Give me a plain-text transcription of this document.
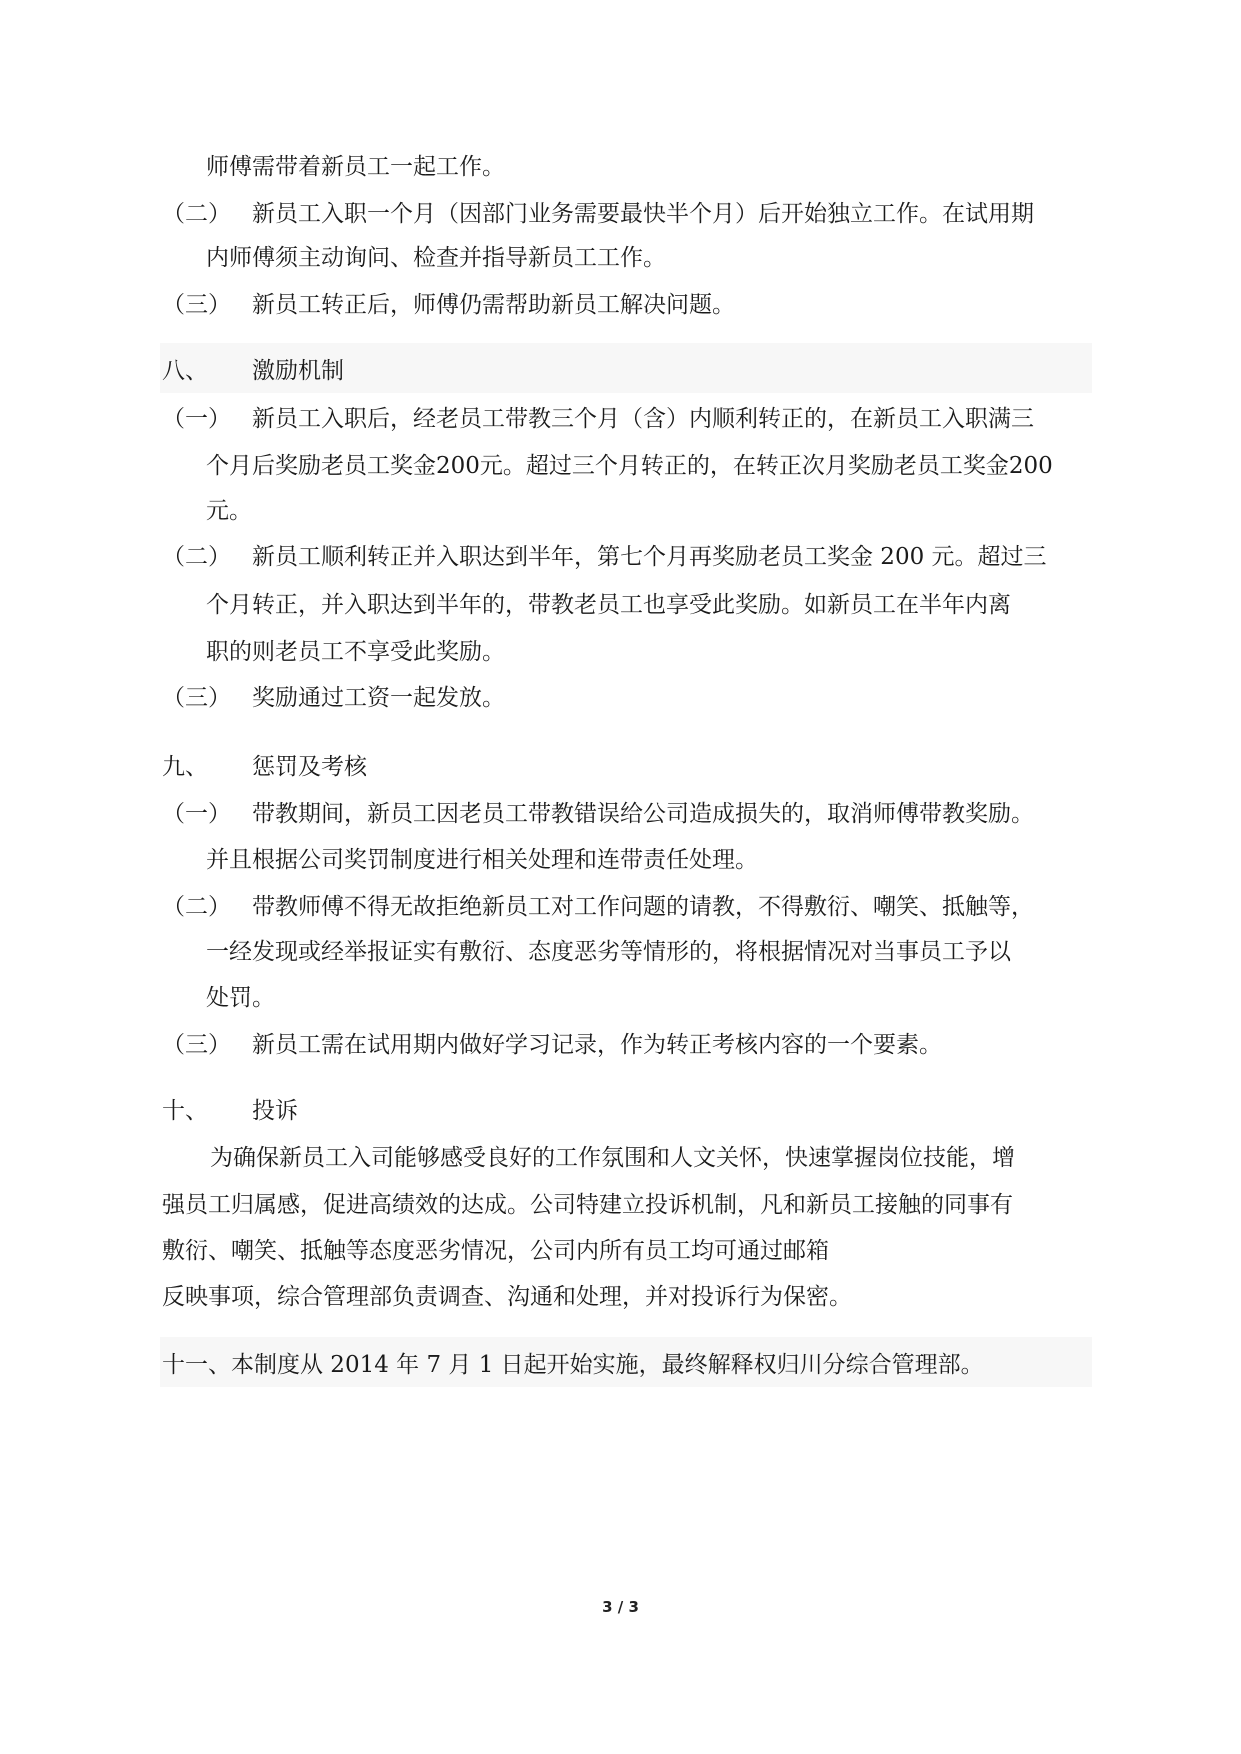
师傅需带着新员工一起工作。
（二） 新员工入职一个月（因部门业务需要最快半个月）后开始独立工作。在试用期
内师傅须主动询问、检查并指导新员工工作。
（三） 新员工转正后，师傅仍需帮助新员工解决问题。
八、 激励机制
（一） 新员工入职后，经老员工带教三个月（含）内顺利转正的，在新员工入职满三
个月后奖励老员工奖金200元。超过三个月转正的，在转正次月奖励老员工奖金200
元。
（二） 新员工顺利转正并入职达到半年，第七个月再奖励老员工奖金 200 元。超过三
个月转正，并入职达到半年的，带教老员工也享受此奖励。如新员工在半年内离
职的则老员工不享受此奖励。
（三） 奖励通过工资一起发放。
九、 惩罚及考核
（一） 带教期间，新员工因老员工带教错误给公司造成损失的，取消师傅带教奖励。
并且根据公司奖罚制度进行相关处理和连带责任处理。
（二） 带教师傅不得无故拒绝新员工对工作问题的请教，不得敷衍、嘲笑、抵触等，
一经发现或经举报证实有敷衍、态度恶劣等情形的，将根据情况对当事员工予以
处罚。
（三） 新员工需在试用期内做好学习记录，作为转正考核内容的一个要素。
十、 投诉
为确保新员工入司能够感受良好的工作氛围和人文关怀，快速掌握岗位技能，增
强员工归属感，促进高绩效的达成。公司特建立投诉机制，凡和新员工接触的同事有
敷衍、嘲笑、抵触等态度恶劣情况，公司内所有员工均可通过邮箱
反映事项，综合管理部负责调查、沟通和处理，并对投诉行为保密。
十一、本制度从 2014 年 7 月 1 日起开始实施，最终解释权归川分综合管理部。
3 / 3
